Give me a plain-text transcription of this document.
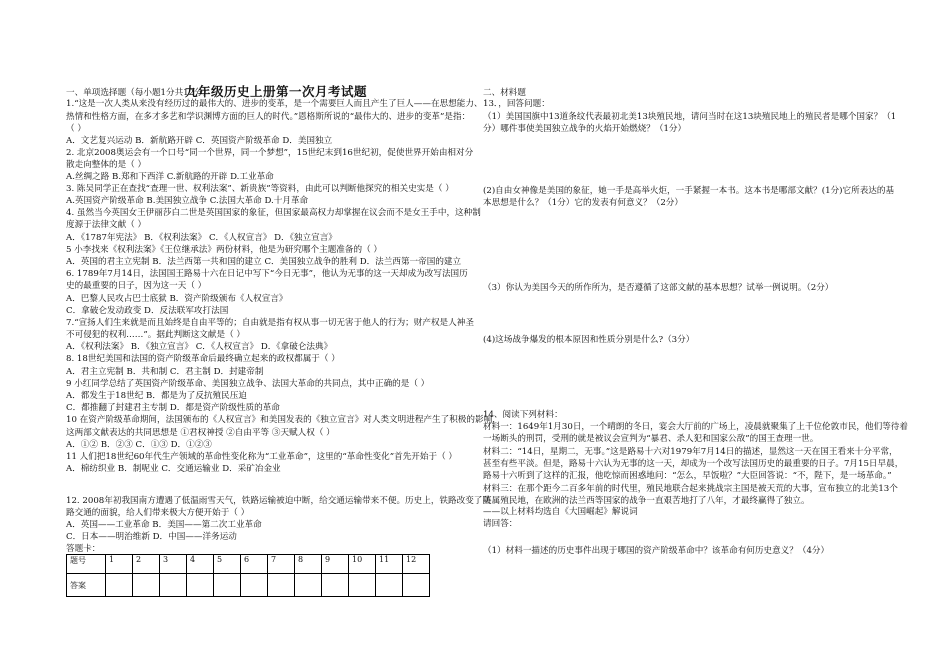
九年级历史上册第一次月考试题
一、单项选择题（每小题1分共12分）
1.“这是一次人类从来没有经历过的最伟大的、进步的变革，是一个需要巨人而且产生了巨人——在思想能力、
热情和性格方面，在多才多艺和学识渊博方面的巨人的时代。”恩格斯所说的“最伟大的、进步的变革”是指：
（ ）
A．文艺复兴运动 B．新航路开辟 C．英国资产阶级革命 D．美国独立
2. 北京2008奥运会有一个口号“同一个世界，同一个梦想”，15世纪末到16世纪初，促使世界开始由相对分
散走向整体的是（ ）
A.丝绸之路 B.郑和下西洋 C.新航路的开辟 D.工业革命
3. 陈吴同学正在查找“查理一世、权利法案”、新贵族”等资料，由此可以判断他探究的相关史实是（ ）
A.英国资产阶级革命 B.美国独立战争 C.法国大革命 D.十月革命
4. 虽然当今英国女王伊丽莎白二世是英国国家的象征，但国家最高权力却掌握在议会而不是女王手中，这种制
度源于法律文献（ ）
A．《1787年宪法》 B．《权利法案》 C．《人权宣言》 D．《独立宣言》
5 小李找来《权利法案》《王位继承法》两份材料，他是为研究哪个主题准备的（ ）
A．英国的君主立宪制 B．法兰西第一共和国的建立 C．美国独立战争的胜利 D．法兰西第一帝国的建立
6. 1789年7月14日，法国国王路易十六在日记中写下“今日无事”，他认为无事的这一天却成为改写法国历
史的最重要的日子，因为这一天（ ）
A．巴黎人民攻占巴士底狱 B．资产阶级颁布《人权宣言》
C．拿破仑发动政变 D．反法联军攻打法国
7.“宣扬人们生来就是而且始终是自由平等的；自由就是指有权从事一切无害于他人的行为；财产权是人神圣
不可侵犯的权利……”。据此判断这文献是（ ）
A．《权利法案》 B．《独立宣言》 C．《人权宣言》 D．《拿破仑法典》
8. 18世纪美国和法国的资产阶级革命后最终确立起来的政权都属于（ ）
A．君主立宪制 B．共和制 C．君主制 D．封建帝制
9 小红同学总结了英国资产阶级革命、美国独立战争、法国大革命的共同点，其中正确的是（ ）
A．都发生于18世纪 B．都是为了反抗殖民压迫
C．都推翻了封建君主专制 D．都是资产阶级性质的革命
10 在资产阶级革命期间，法国颁布的《人权宣言》和美国发表的《独立宣言》对人类文明进程产生了积极的影响，
这两部文献表达的共同思想是 ①君权神授 ②自由平等 ③天赋人权（ ）
A．①② B．②③ C．①③ D．①②③
11 人们把18世纪60年代生产领域的革命性变化称为“工业革命”，这里的“革命性变化”首先开始于（ ）
A．棉纺织业 B．制呢业 C．交通运输业 D．采矿冶金业
12. 2008年初我国南方遭遇了低温雨雪天气，铁路运输被迫中断，给交通运输带来不便。历史上，铁路改变了陆
路交通的面貌，给人们带来极大方便开始于（ ）
A．英国——工业革命 B．美国——第二次工业革命
C．日本——明治维新 D．中国——洋务运动
答题卡：
题号	1	2	3	4	5	6	7	8	9	10	11	12
答案												
二、材料题
13．，回答问题：
（1）美国国旗中13道条纹代表最初北美13块殖民地，请问当时在这13块殖民地上的殖民者是哪个国家？（1
分）哪件事使美国独立战争的火焰开始燃烧？（1分）
(2)自由女神像是美国的象征，她一手是高举火炬，一手紧握一本书。这本书是哪部文献？(1分)它所表达的基
本思想是什么？（1分）它的发表有何意义？（2分）
（3）你认为美国今天的所作所为，是否遵循了这部文献的基本思想？试举一例说明。（2分）
(4)这场战争爆发的根本原因和性质分别是什么?（3分）
14、阅读下列材料：
材料一：1649年1月30日，一个晴朗的冬日，宴会大厅前的广场上，凌晨就聚集了上千位伦敦市民，他们等待着
一场断头的刑罚，受刑的就是被议会宣判为“暴君、杀人犯和国家公敌”的国王查理一世。
材料二：“14日，星期二，无事。”这是路易十六对1979年7月14日的描述，显然这一天在国王看来十分平常，
甚至有些平淡。但是，路易十六认为无事的这一天，却成为一个改写法国历史的最重要的日子。7月15日早晨，
路易十六听到了这样的汇报，他吃惊而困惑地问：“怎么，早饭啦？”大臣回答说：“不，陛下，是一场革命。”
材料三：在那个距今二百多年前的时代里，殖民地联合起来挑战宗主国是被天荒的大事，宣布独立的北美13个
英属殖民地，在欧洲的法兰西等国家的战争一直艰苦地打了八年，才最终赢得了独立。
——以上材料均选自《大国崛起》解说词
请回答：
（1）材料一描述的历史事件出现于哪国的资产阶级革命中？该革命有何历史意义？（4分）
